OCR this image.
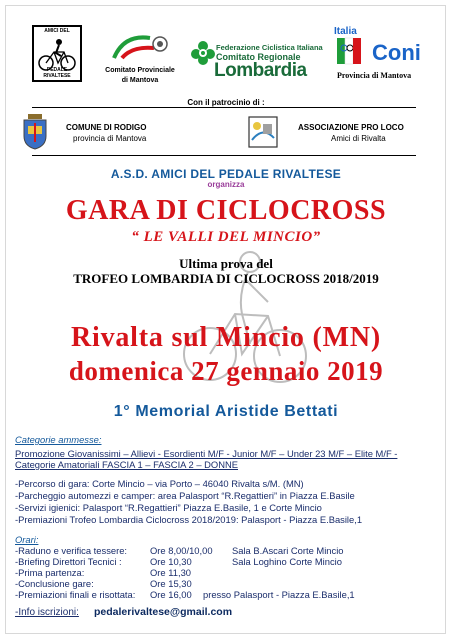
AMICI DEL
PEDALE RIVALTESE
Comitato Provinciale
di Mantova
Federazione Ciclistica Italiana
Comitato Regionale
Lombardia
Italia
Coni
Provincia di Mantova
Con il patrocinio di :
COMUNE DI RODIGO
provincia di Mantova
ASSOCIAZIONE PRO LOCO
Amici di Rivalta
A.S.D. AMICI DEL PEDALE RIVALTESE
organizza
GARA DI CICLOCROSS
“ LE VALLI DEL MINCIO”
Ultima prova del
TROFEO LOMBARDIA DI CICLOCROSS 2018/2019
Rivalta sul Mincio (MN)
domenica 27 gennaio 2019
1° Memorial Aristide Bettati
Categorie ammesse:
Promozione Giovanissimi – Allievi - Esordienti M/F - Junior M/F – Under 23 M/F – Elite M/F -
Categorie Amatoriali FASCIA 1 – FASCIA 2 – DONNE
-Percorso di gara: Corte Mincio – via Porto – 46040 Rivalta s/M. (MN)
-Parcheggio automezzi e camper: area Palasport “R.Regattieri” in Piazza E.Basile
-Servizi igienici: Palasport “R.Regattieri” Piazza E.Basile, 1 e Corte Mincio
-Premiazioni Trofeo Lombardia Ciclocross 2018/2019: Palasport - Piazza E.Basile,1
Orari:
-Raduno e verifica tessere: Ore 8,00/10,00 Sala B.Ascari Corte Mincio
-Briefing Direttori Tecnici :	Ore 10,30	Sala Loghino Corte Mincio
-Prima partenza:	Ore 11,30
-Conclusione gare:	Ore 15,30
-Premiazioni finali e risottata: Ore 16,00 presso Palasport - Piazza E.Basile,1
-Info iscrizioni: pedalerivaltese@gmail.com
